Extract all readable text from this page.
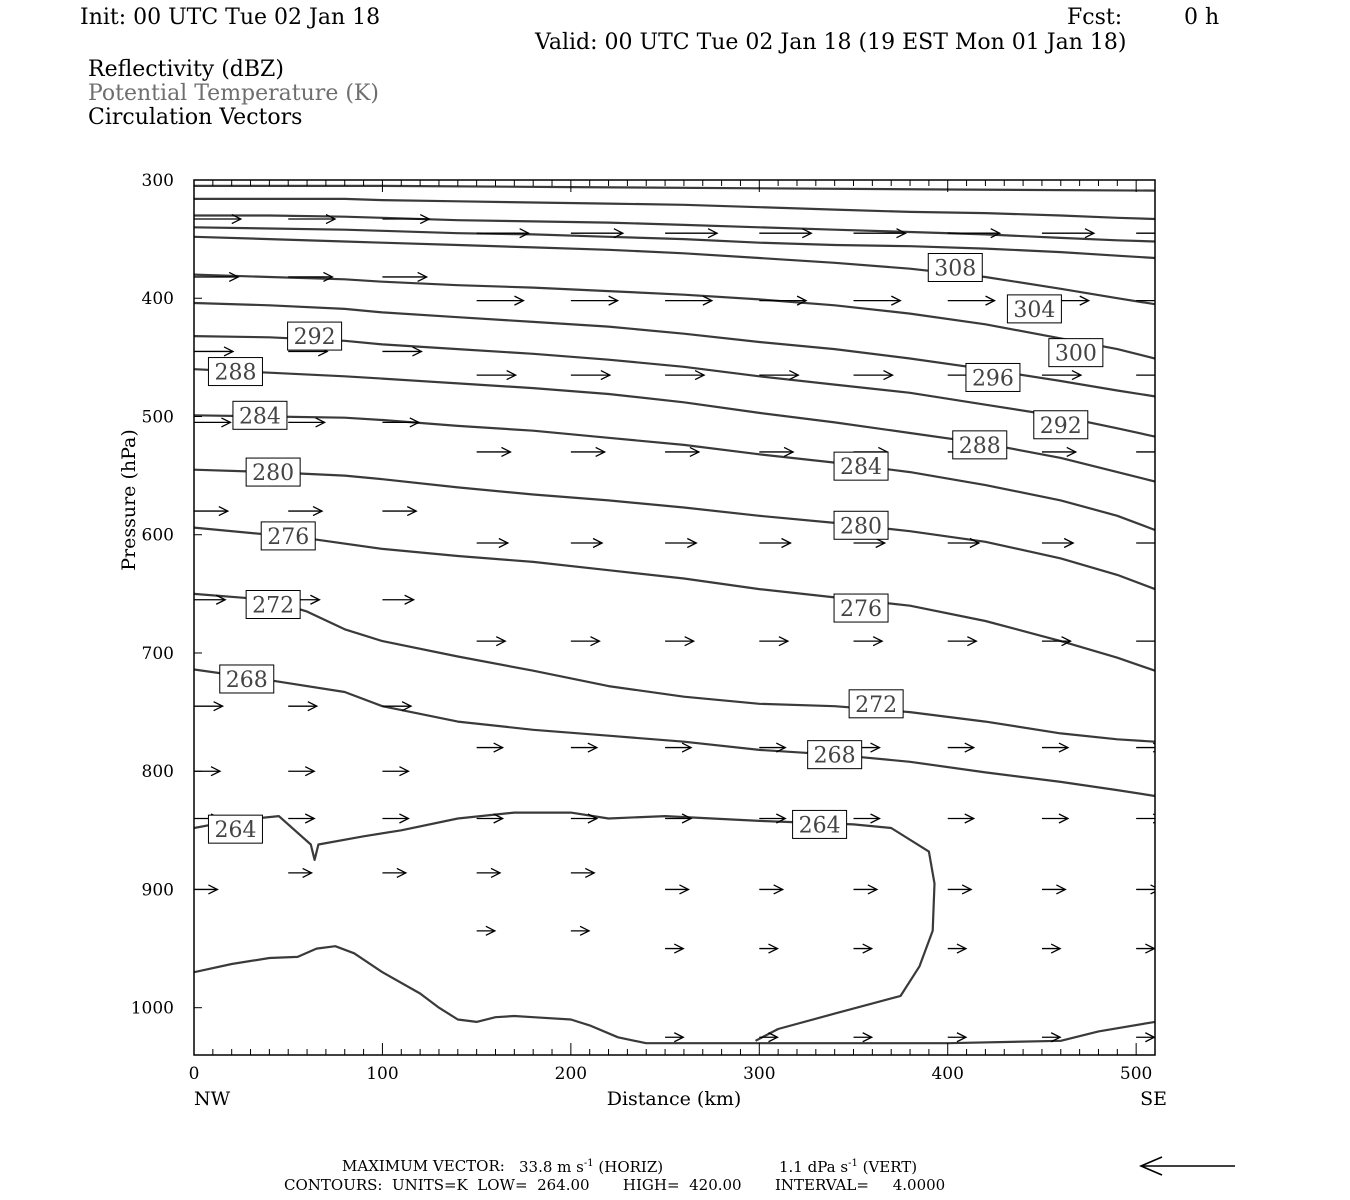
Init: 00 UTC Tue 02 Jan 18	Fcst:	0 h
Valid: 00 UTC Tue 02 Jan 18 (19 EST Mon 01 Jan 18)
Reflectivity (dBZ)
Potential Temperature (K)
Circulation Vectors
264	264
268
268
272
272
276
276
280
280
284
284
288
288
292
292
296
300
304
308
300
400
500
600
700
800
900
1000
0	100	200	300	400	500
Distance (km)
Pressure (hPa)
NW	SE
MAXIMUM VECTOR: 33.8 m $s^{-1}$ (HORIZ)	1.1 dPa $s^{-1}$ (VERT)
CONTOURS:  UNITS=K  LOW=  264.00       HIGH=  420.00       INTERVAL=     4.0000
